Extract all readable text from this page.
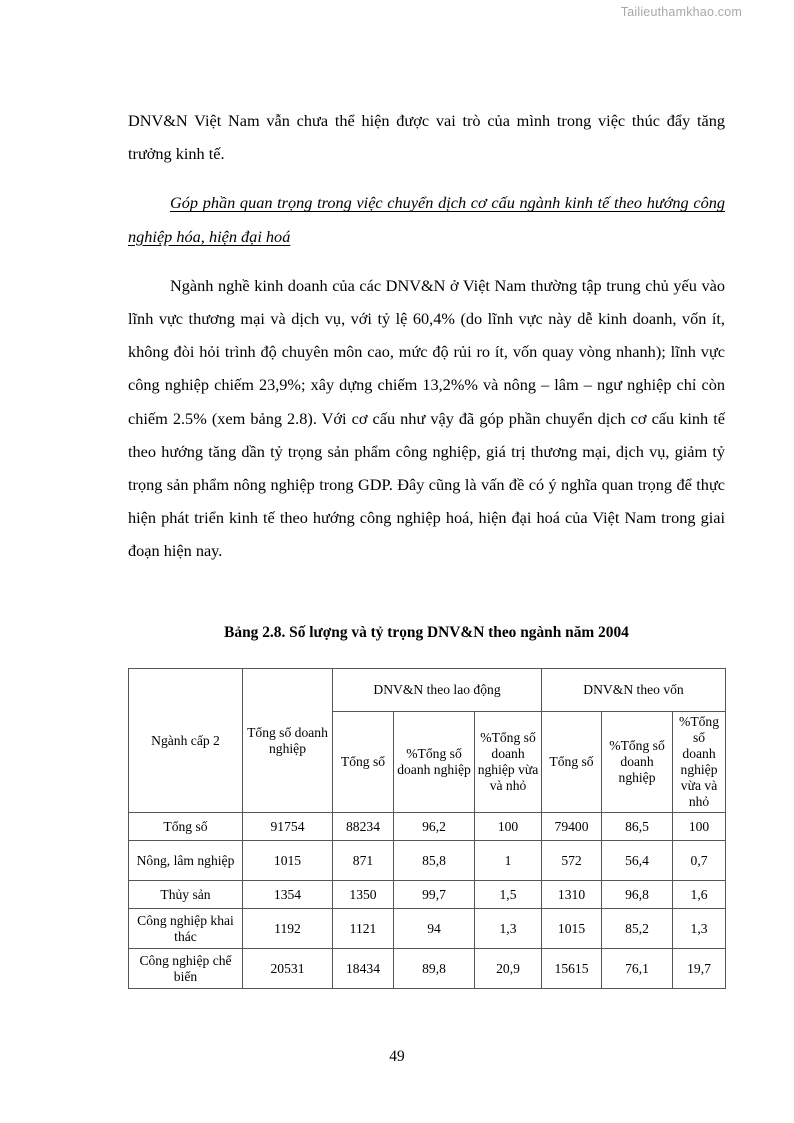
Tailieuthamkhao.com

DNV&N Việt Nam vẫn chưa thể hiện được vai trò của mình trong việc thúc đẩy tăng trưởng kinh tế.

Góp phần quan trọng trong việc chuyển dịch cơ cấu ngành kinh tế theo hướng công nghiệp hóa, hiện đại hoá

Ngành nghề kinh doanh của các DNV&N ở Việt Nam thường tập trung chủ yếu vào lĩnh vực thương mại và dịch vụ, với tỷ lệ 60,4% (do lĩnh vực này dễ kinh doanh, vốn ít, không đòi hỏi trình độ chuyên môn cao, mức độ rủi ro ít, vốn quay vòng nhanh); lĩnh vực công nghiệp chiếm 23,9%; xây dựng chiếm 13,2%% và nông – lâm – ngư nghiệp chỉ còn chiếm 2.5% (xem bảng 2.8). Với cơ cấu như vậy đã góp phần chuyển dịch cơ cấu kinh tế theo hướng tăng dần tỷ trọng sản phẩm công nghiệp, giá trị thương mại, dịch vụ, giảm tỷ trọng sản phẩm nông nghiệp trong GDP. Đây cũng là vấn đề có ý nghĩa quan trọng để thực hiện phát triển kinh tế theo hướng công nghiệp hoá, hiện đại hoá của Việt Nam trong giai đoạn hiện nay.

Bảng 2.8. Số lượng và tỷ trọng DNV&N theo ngành năm 2004
Ngành cấp 2	Tổng số doanh nghiệp	DNV&N theo lao động			DNV&N theo vốn		
		Tổng số	%Tổng số doanh nghiệp	%Tổng số doanh nghiệp vừa và nhỏ	Tổng số	%Tổng số doanh nghiệp	%Tổng số doanh nghiệp vừa và nhỏ
Tổng số	91754	88234	96,2	100	79400	86,5	100
Nông, lâm nghiệp	1015	871	85,8	1	572	56,4	0,7
Thủy sản	1354	1350	99,7	1,5	1310	96,8	1,6
Công nghiệp khai thác	1192	1121	94	1,3	1015	85,2	1,3
Công nghiệp chế biến	20531	18434	89,8	20,9	15615	76,1	19,7
49
